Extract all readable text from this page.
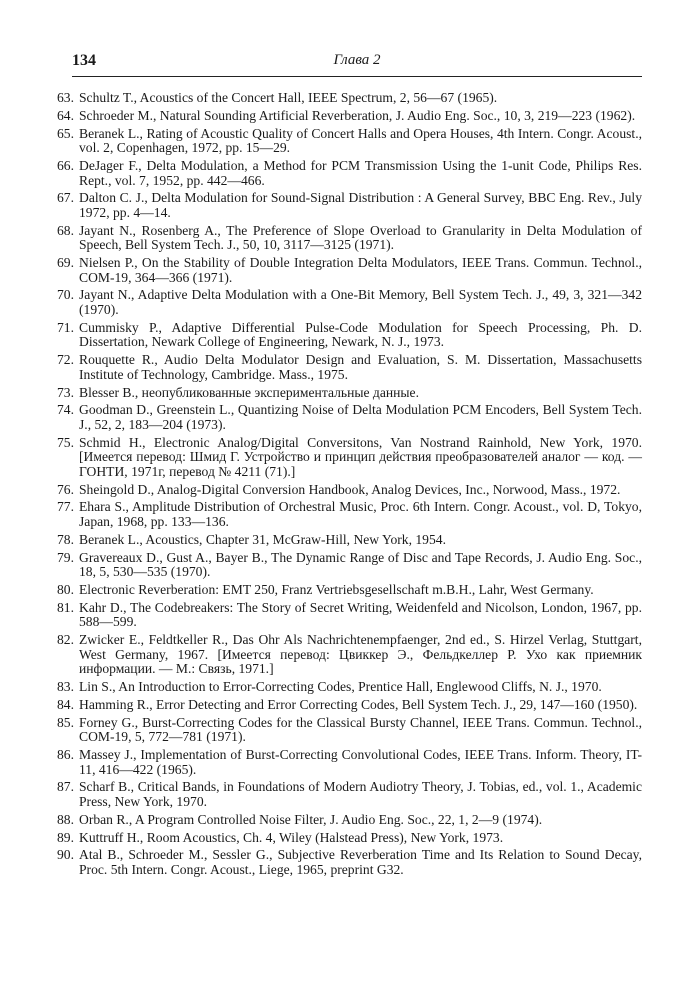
134	Глава 2
63. Schultz T., Acoustics of the Concert Hall, IEEE Spectrum, 2, 56—67 (1965).
64. Schroeder M., Natural Sounding Artificial Reverberation, J. Audio Eng. Soc., 10, 3, 219—223 (1962).
65. Beranek L., Rating of Acoustic Quality of Concert Halls and Opera Houses, 4th Intern. Congr. Acoust., vol. 2, Copenhagen, 1972, pp. 15—29.
66. DeJager F., Delta Modulation, a Method for PCM Transmission Using the 1-unit Code, Philips Res. Rept., vol. 7, 1952, pp. 442—466.
67. Dalton C. J., Delta Modulation for Sound-Signal Distribution : A General Survey, BBC Eng. Rev., July 1972, pp. 4—14.
68. Jayant N., Rosenberg A., The Preference of Slope Overload to Granularity in Delta Modulation of Speech, Bell System Tech. J., 50, 10, 3117—3125 (1971).
69. Nielsen P., On the Stability of Double Integration Delta Modulators, IEEE Trans. Commun. Technol., COM-19, 364—366 (1971).
70. Jayant N., Adaptive Delta Modulation with a One-Bit Memory, Bell System Tech. J., 49, 3, 321—342 (1970).
71. Cummisky P., Adaptive Differential Pulse-Code Modulation for Speech Processing, Ph. D. Dissertation, Newark College of Engineering, Newark, N. J., 1973.
72. Rouquette R., Audio Delta Modulator Design and Evaluation, S. M. Dissertation, Massachusetts Institute of Technology, Cambridge. Mass., 1975.
73. Blesser B., неопубликованные экспериментальные данные.
74. Goodman D., Greenstein L., Quantizing Noise of Delta Modulation PCM Encoders, Bell System Tech. J., 52, 2, 183—204 (1973).
75. Schmid H., Electronic Analog/Digital Conversitons, Van Nostrand Rainhold, New York, 1970. [Имеется перевод: Шмид Г. Устройство и принцип действия преобразователей аналог — код. — ГОНТИ, 1971г, перевод № 4211 (71).]
76. Sheingold D., Analog-Digital Conversion Handbook, Analog Devices, Inc., Norwood, Mass., 1972.
77. Ehara S., Amplitude Distribution of Orchestral Music, Proc. 6th Intern. Congr. Acoust., vol. D, Tokyo, Japan, 1968, pp. 133—136.
78. Beranek L., Acoustics, Chapter 31, McGraw-Hill, New York, 1954.
79. Gravereaux D., Gust A., Bayer B., The Dynamic Range of Disc and Tape Records, J. Audio Eng. Soc., 18, 5, 530—535 (1970).
80. Electronic Reverberation: EMT 250, Franz Vertriebsgesellschaft m.B.H., Lahr, West Germany.
81. Kahr D., The Codebreakers: The Story of Secret Writing, Weidenfeld and Nicolson, London, 1967, pp. 588—599.
82. Zwicker E., Feldtkeller R., Das Ohr Als Nachrichtenempfaenger, 2nd ed., S. Hirzel Verlag, Stuttgart, West Germany, 1967. [Имеется перевод: Цвиккер Э., Фельдкеллер Р. Ухо как приемник информации. — М.: Связь, 1971.]
83. Lin S., An Introduction to Error-Correcting Codes, Prentice Hall, Englewood Cliffs, N. J., 1970.
84. Hamming R., Error Detecting and Error Correcting Codes, Bell System Tech. J., 29, 147—160 (1950).
85. Forney G., Burst-Correcting Codes for the Classical Bursty Channel, IEEE Trans. Commun. Technol., COM-19, 5, 772—781 (1971).
86. Massey J., Implementation of Burst-Correcting Convolutional Codes, IEEE Trans. Inform. Theory, IT-11, 416—422 (1965).
87. Scharf B., Critical Bands, in Foundations of Modern Audiotry Theory, J. Tobias, ed., vol. 1., Academic Press, New York, 1970.
88. Orban R., A Program Controlled Noise Filter, J. Audio Eng. Soc., 22, 1, 2—9 (1974).
89. Kuttruff H., Room Acoustics, Ch. 4, Wiley (Halstead Press), New York, 1973.
90. Atal B., Schroeder M., Sessler G., Subjective Reverberation Time and Its Relation to Sound Decay, Proc. 5th Intern. Congr. Acoust., Liege, 1965, preprint G32.
